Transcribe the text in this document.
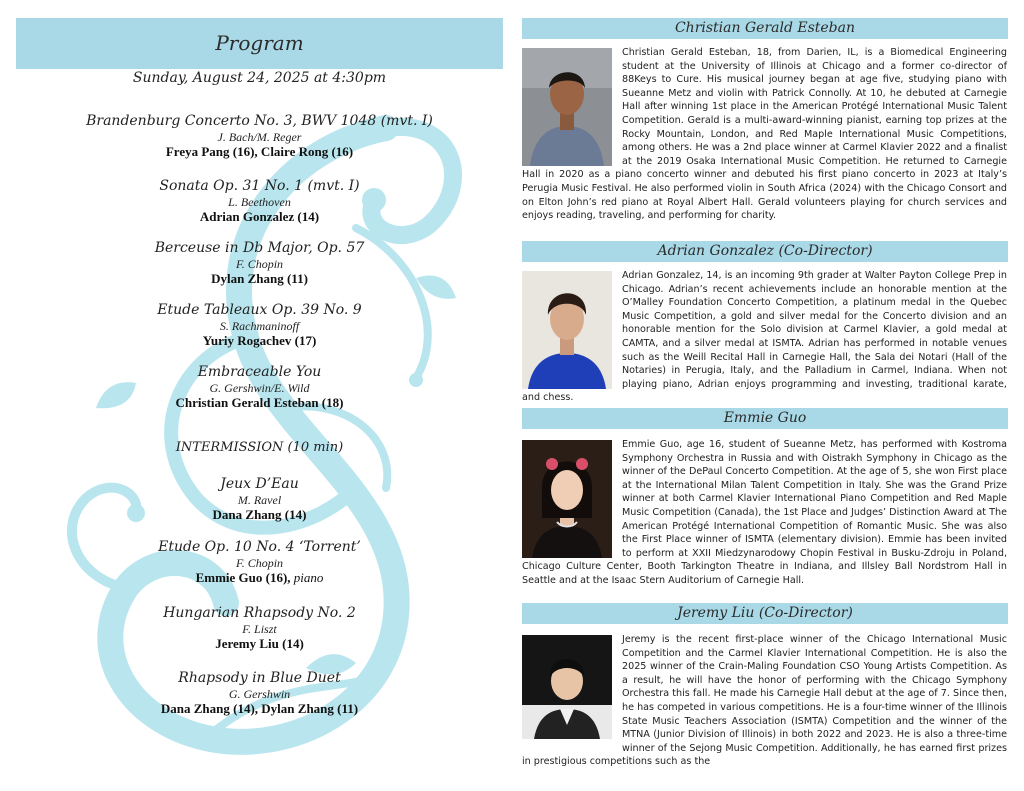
Program
Sunday, August 24, 2025 at 4:30pm
Brandenburg Concerto No. 3, BWV 1048 (mvt. I)
J. Bach/M. Reger
Freya Pang (16), Claire Rong (16)
Sonata Op. 31 No. 1 (mvt. I)
L. Beethoven
Adrian Gonzalez (14)
Berceuse in Db Major, Op. 57
F. Chopin
Dylan Zhang (11)
Etude Tableaux Op. 39 No. 9
S. Rachmaninoff
Yuriy Rogachev (17)
Embraceable You
G. Gershwin/E. Wild
Christian Gerald Esteban (18)
INTERMISSION (10 min)
Jeux D’Eau
M. Ravel
Dana Zhang (14)
Etude Op. 10 No. 4 ‘Torrent’
F. Chopin
Emmie Guo (16), piano
Hungarian Rhapsody No. 2
F. Liszt
Jeremy Liu (14)
Rhapsody in Blue Duet
G. Gershwin
Dana Zhang (14), Dylan Zhang (11)
Christian Gerald Esteban
Christian Gerald Esteban, 18, from Darien, IL, is a Biomedical Engineering student at the University of Illinois at Chicago and a former co-director of 88Keys to Cure. His musical journey began at age five, studying piano with Sueanne Metz and violin with Patrick Connolly. At 10, he debuted at Carnegie Hall after winning 1st place in the American Protégé International Music Talent Competition. Gerald is a multi-award-winning pianist, earning top prizes at the Rocky Mountain, London, and Red Maple International Music Competitions, among others. He was a 2nd place winner at Carmel Klavier 2022 and a finalist at the 2019 Osaka International Music Competition. He returned to Carnegie Hall in 2020 as a piano concerto winner and debuted his first piano concerto in 2023 at Italy’s Perugia Music Festival. He also performed violin in South Africa (2024) with the Chicago Consort and on Elton John’s red piano at Royal Albert Hall. Gerald volunteers playing for church services and enjoys reading, traveling, and performing for charity.
Adrian Gonzalez (Co-Director)
Adrian Gonzalez, 14, is an incoming 9th grader at Walter Payton College Prep in Chicago. Adrian’s recent achievements include an honorable mention at the O’Malley Foundation Concerto Competition, a platinum medal in the Quebec Music Competition, a gold and silver medal for the Concerto division and an honorable mention for the Solo division at Carmel Klavier, a gold medal at CAMTA, and a silver medal at ISMTA. Adrian has performed in notable venues such as the Weill Recital Hall in Carnegie Hall, the Sala dei Notari (Hall of the Notaries) in Perugia, Italy, and the Palladium in Carmel, Indiana. When not playing piano, Adrian enjoys programming and investing, traditional karate, and chess.
Emmie Guo
Emmie Guo, age 16, student of Sueanne Metz, has performed with Kostroma Symphony Orchestra in Russia and with Oistrakh Symphony in Chicago as the winner of the DePaul Concerto Competition. At the age of 5, she won First place at the International Milan Talent Competition in Italy. She was the Grand Prize winner at both Carmel Klavier International Piano Competition and Red Maple Music Competition (Canada), the 1st Place and Judges’ Distinction Award at The American Protégé International Competition of Romantic Music. She was also the First Place winner of ISMTA (elementary division). Emmie has been invited to perform at XXII Miedzynarodowy Chopin Festival in Busku-Zdroju in Poland, Chicago Culture Center, Booth Tarkington Theatre in Indiana, and Illsley Ball Nordstrom Hall in Seattle and at the Isaac Stern Auditorium of Carnegie Hall.
Jeremy Liu (Co-Director)
Jeremy is the recent first-place winner of the Chicago International Music Competition and the Carmel Klavier International Competition. He is also the 2025 winner of the Crain-Maling Foundation CSO Young Artists Competition. As a result, he will have the honor of performing with the Chicago Symphony Orchestra this fall. He made his Carnegie Hall debut at the age of 7. Since then, he has competed in various competitions. He is a four-time winner of the Illinois State Music Teachers Association (ISMTA) Competition and the winner of the MTNA (Junior Division of Illinois) in both 2022 and 2023. He is also a three-time winner of the Sejong Music Competition. Additionally, he has earned first prizes in prestigious competitions such as the
